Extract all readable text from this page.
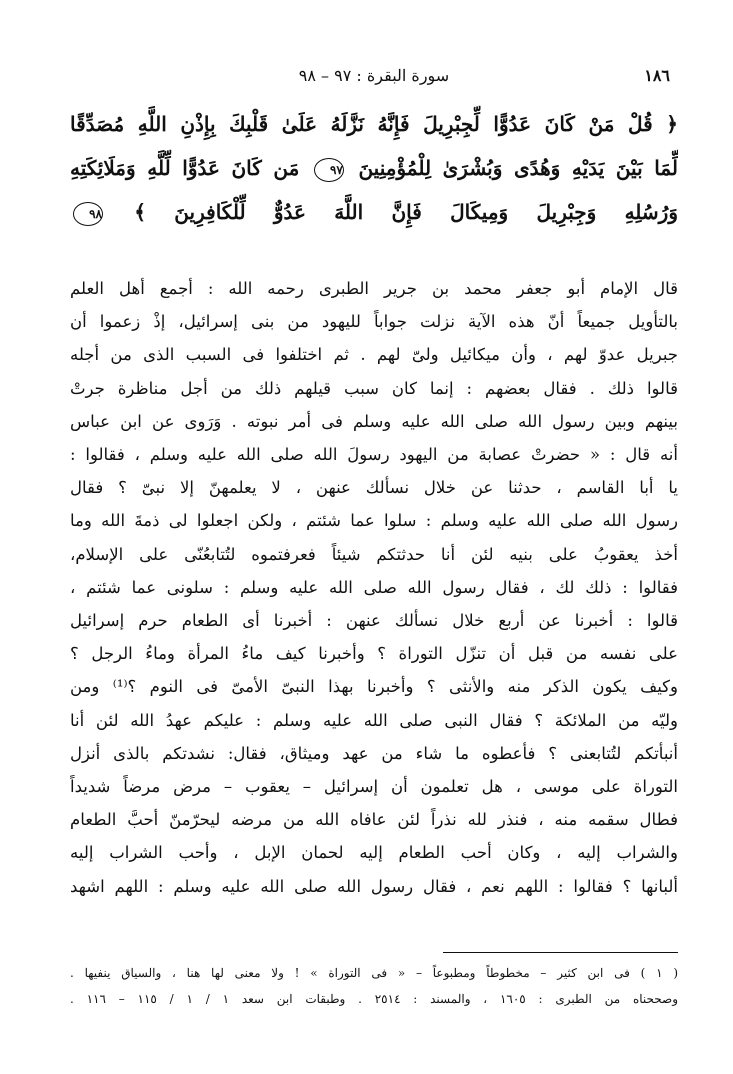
١٨٦
سورة البقرة : ٩٧ – ٩٨
﴿ قُلْ مَنْ كَانَ عَدُوًّا لِّجِبْرِيلَ فَإِنَّهُ نَزَّلَهُ عَلَىٰ قَلْبِكَ بِإِذْنِ اللَّهِ مُصَدِّقًا
لِّمَا بَيْنَ يَدَيْهِ وَهُدًى وَبُشْرَىٰ لِلْمُؤْمِنِينَ ٩٧ مَن كَانَ عَدُوًّا لِّلَّهِ وَمَلَائِكَتِهِ
وَرُسُلِهِ وَجِبْرِيلَ وَمِيكَالَ فَإِنَّ اللَّهَ عَدُوٌّ لِّلْكَافِرِينَ ﴾ ٩٨
قال الإمام أبو جعفر محمد بن جرير الطبرى رحمه الله : أجمع أهل العلم
بالتأويل جميعاً أنّ هذه الآية نزلت جواباً لليهود من بنى إسرائيل، إذْ زعموا أن
جبريل عدوّ لهم ، وأن ميكائيل ولىّ لهم . ثم اختلفوا فى السبب الذى من أجله
قالوا ذلك . فقال بعضهم : إنما كان سبب قيلهم ذلك من أجل مناظرة جرتْ
بينهم وبين رسول الله صلى الله عليه وسلم فى أمر نبوته . وَرَوى عن ابن عباس
أنه قال : « حضرتْ عصابة من اليهود رسولَ الله صلى الله عليه وسلم ، فقالوا :
يا أبا القاسم ، حدثنا عن خلال نسألك عنهن ، لا يعلمهنّ إلا نبىّ ؟ فقال
رسول الله صلى الله عليه وسلم : سلوا عما شئتم ، ولكن اجعلوا لى ذمةَ الله وما
أخذ يعقوبُ على بنيه لئن أنا حدثتكم شيئاً فعرفتموه لتُتابعُنّى على الإسلام،
فقالوا : ذلك لك ، فقال رسول الله صلى الله عليه وسلم : سلونى عما شئتم ،
قالوا : أخبرنا عن أربع خلال نسألك عنهن : أخبرنا أى الطعام حرم إسرائيل
على نفسه من قبل أن تنزّل التوراة ؟ وأخبرنا كيف ماءُ المرأة وماءُ الرجل ؟
وكيف يكون الذكر منه والأنثى ؟ وأخبرنا بهذا النبىّ الأمىّ فى النوم ؟⁽¹⁾ ومن
وليّه من الملائكة ؟ فقال النبى صلى الله عليه وسلم : عليكم عهدُ الله لئن أنا
أنبأتكم لتُتابعنى ؟ فأعطوه ما شاء من عهد وميثاق، فقال: نشدتكم بالذى أنزل
التوراة على موسى ، هل تعلمون أن إسرائيل – يعقوب – مرض مرضاً شديداً
فطال سقمه منه ، فنذر لله نذراً لئن عافاه الله من مرضه ليحرّمنّ أحبَّ الطعام
والشراب إليه ، وكان أحب الطعام إليه لحمان الإبل ، وأحب الشراب إليه
ألبانها ؟ فقالوا : اللهم نعم ، فقال رسول الله صلى الله عليه وسلم : اللهم اشهد
( ١ ) فى ابن كثير – مخطوطاً ومطبوعاً – « فى التوراة » ! ولا معنى لها هنا ، والسياق ينفيها .
وصححناه من الطبرى : ١٦٠٥ ، والمسند : ٢٥١٤ . وطبقات ابن سعد ١ / ١ / ١١٥ – ١١٦ .
